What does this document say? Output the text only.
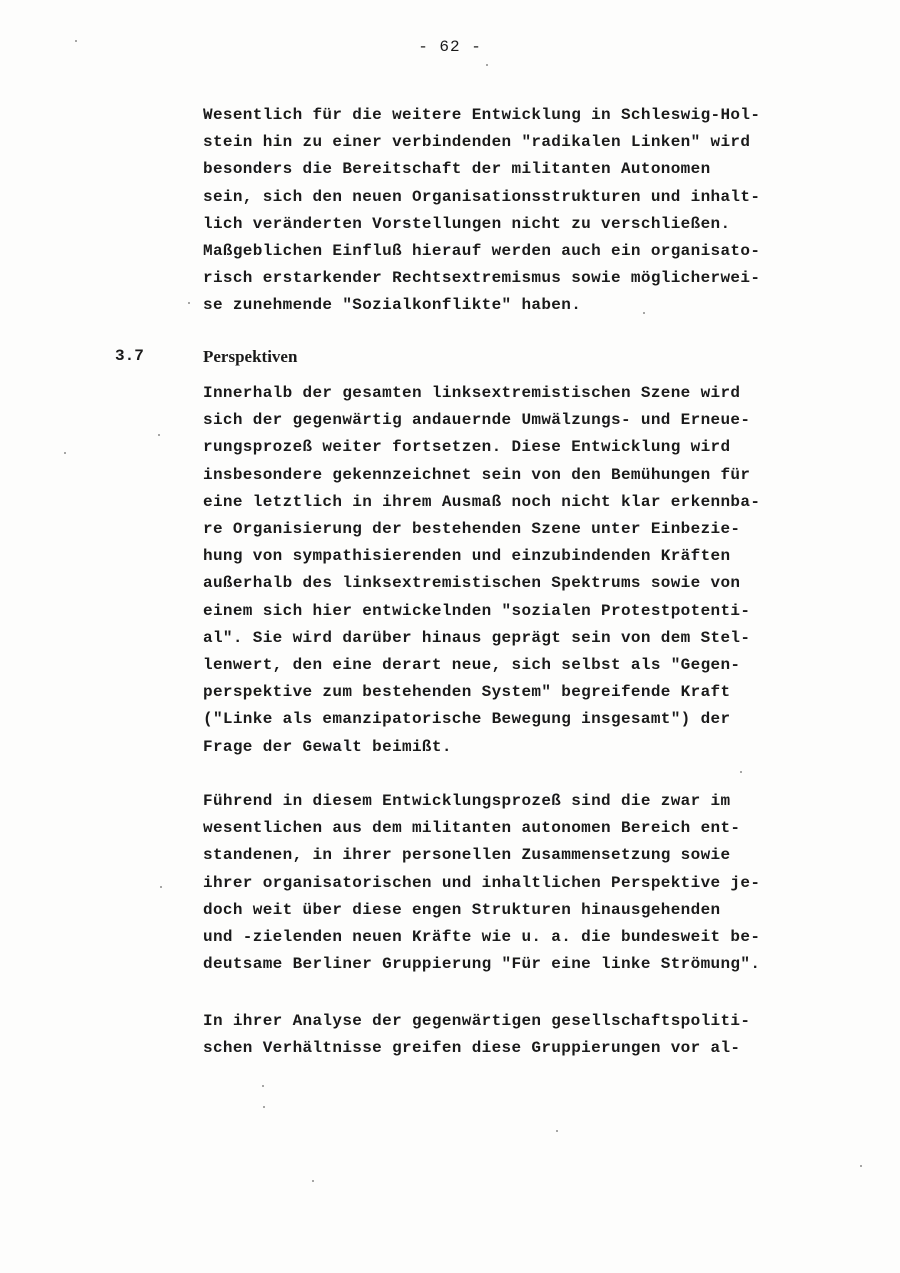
- 62 -
Wesentlich für die weitere Entwicklung in Schleswig-Hol-
stein hin zu einer verbindenden "radikalen Linken" wird
besonders die Bereitschaft der militanten Autonomen
sein, sich den neuen Organisationsstrukturen und inhalt-
lich veränderten Vorstellungen nicht zu verschließen.
Maßgeblichen Einfluß hierauf werden auch ein organisato-
risch erstarkender Rechtsextremismus sowie möglicherwei-
se zunehmende "Sozialkonflikte" haben.
3.7	Perspektiven
Innerhalb der gesamten linksextremistischen Szene wird
sich der gegenwärtig andauernde Umwälzungs- und Erneue-
rungsprozeß weiter fortsetzen. Diese Entwicklung wird
insbesondere gekennzeichnet sein von den Bemühungen für
eine letztlich in ihrem Ausmaß noch nicht klar erkennba-
re Organisierung der bestehenden Szene unter Einbezie-
hung von sympathisierenden und einzubindenden Kräften
außerhalb des linksextremistischen Spektrums sowie von
einem sich hier entwickelnden "sozialen Protestpotenti-
al". Sie wird darüber hinaus geprägt sein von dem Stel-
lenwert, den eine derart neue, sich selbst als "Gegen-
perspektive zum bestehenden System" begreifende Kraft
("Linke als emanzipatorische Bewegung insgesamt") der
Frage der Gewalt beimißt.
Führend in diesem Entwicklungsprozeß sind die zwar im
wesentlichen aus dem militanten autonomen Bereich ent-
standenen, in ihrer personellen Zusammensetzung sowie
ihrer organisatorischen und inhaltlichen Perspektive je-
doch weit über diese engen Strukturen hinausgehenden
und -zielenden neuen Kräfte wie u. a. die bundesweit be-
deutsame Berliner Gruppierung "Für eine linke Strömung".
In ihrer Analyse der gegenwärtigen gesellschaftspoliti-
schen Verhältnisse greifen diese Gruppierungen vor al-
